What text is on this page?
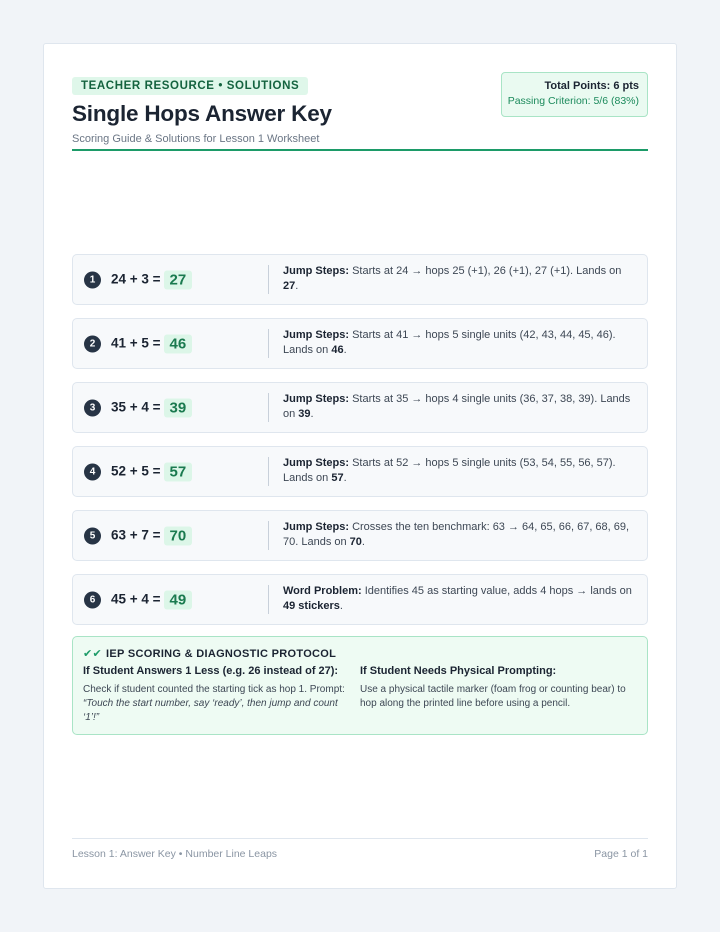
TEACHER RESOURCE • SOLUTIONS
Single Hops Answer Key
Scoring Guide & Solutions for Lesson 1 Worksheet
Total Points: 6 pts
Passing Criterion: 5/6 (83%)
1	24 + 3 = 27	Jump Steps: Starts at 24 → hops 25 (+1), 26 (+1), 27 (+1). Lands on 27.
2	41 + 5 = 46	Jump Steps: Starts at 41 → hops 5 single units (42, 43, 44, 45, 46). Lands on 46.
3	35 + 4 = 39	Jump Steps: Starts at 35 → hops 4 single units (36, 37, 38, 39). Lands on 39.
4	52 + 5 = 57	Jump Steps: Starts at 52 → hops 5 single units (53, 54, 55, 56, 57). Lands on 57.
5	63 + 7 = 70	Jump Steps: Crosses the ten benchmark: 63 → 64, 65, 66, 67, 68, 69, 70. Lands on 70.
6	45 + 4 = 49	Word Problem: Identifies 45 as starting value, adds 4 hops → lands on 49 stickers.
✔✔ IEP SCORING & DIAGNOSTIC PROTOCOL
If Student Answers 1 Less (e.g. 26 instead of 27):

Check if student counted the starting tick as hop 1. Prompt: “Touch the start number, say ‘ready’, then jump and count ‘1’!”

If Student Needs Physical Prompting:

Use a physical tactile marker (foam frog or counting bear) to hop along the printed line before using a pencil.

Lesson 1: Answer Key • Number Line Leaps	Page 1 of 1
